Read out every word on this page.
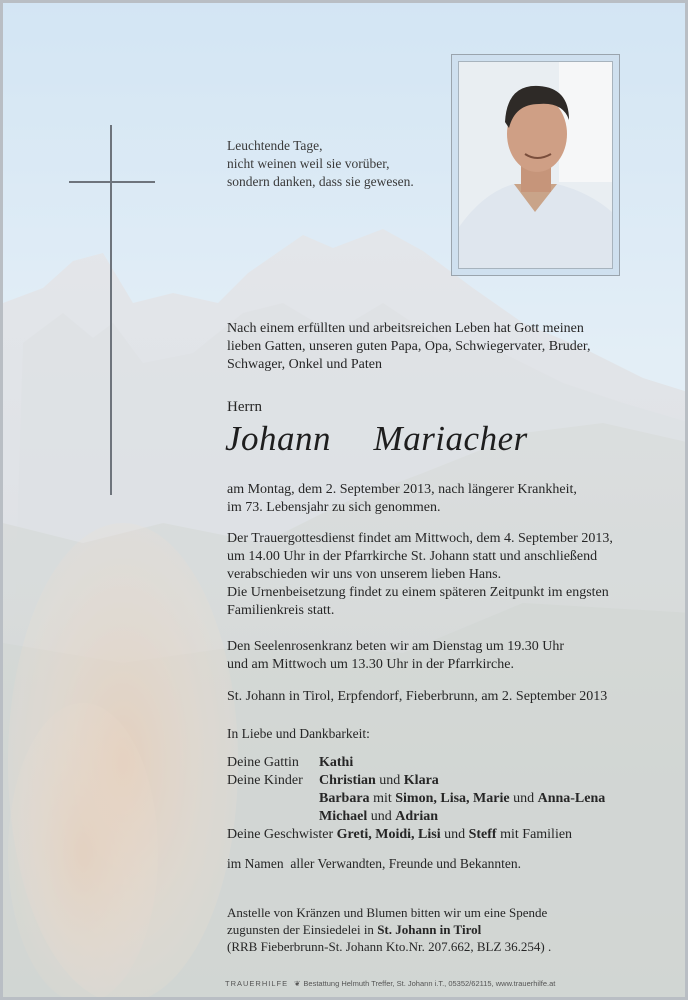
Leuchtende Tage,
nicht weinen weil sie vorüber,
sondern danken, dass sie gewesen.
Nach einem erfüllten und arbeitsreichen Leben hat Gott meinen
lieben Gatten, unseren guten Papa, Opa, Schwiegervater, Bruder,
Schwager, Onkel und Paten
Herrn
Johann  Mariacher
am Montag, dem 2. September 2013, nach längerer Krankheit,
im 73. Lebensjahr zu sich genommen.
Der Trauergottesdienst findet am Mittwoch, dem 4. September 2013,
um 14.00 Uhr in der Pfarrkirche St. Johann statt und anschließend
verabschieden wir uns von unserem lieben Hans.
Die Urnenbeisetzung findet zu einem späteren Zeitpunkt im engsten
Familienkreis statt.
Den Seelenrosenkranz beten wir am Dienstag um 19.30 Uhr
und am Mittwoch um 13.30 Uhr in der Pfarrkirche.
St. Johann in Tirol, Erpfendorf, Fieberbrunn, am 2. September 2013
In Liebe und Dankbarkeit:
Deine Gattin Kathi
Deine Kinder Christian und Klara
Barbara mit Simon, Lisa, Marie und Anna-Lena
Michael und Adrian
Deine Geschwister Greti, Moidi, Lisi und Steff mit Familien
im Namen  aller Verwandten, Freunde und Bekannten.
Anstelle von Kränzen und Blumen bitten wir um eine Spende
zugunsten der Einsiedelei in St. Johann in Tirol
(RRB Fieberbrunn-St. Johann Kto.Nr. 207.662, BLZ 36.254) .
TRAUERHILFE ❦ Bestattung Helmuth Treffer, St. Johann i.T., 05352/62115, www.trauerhilfe.at
